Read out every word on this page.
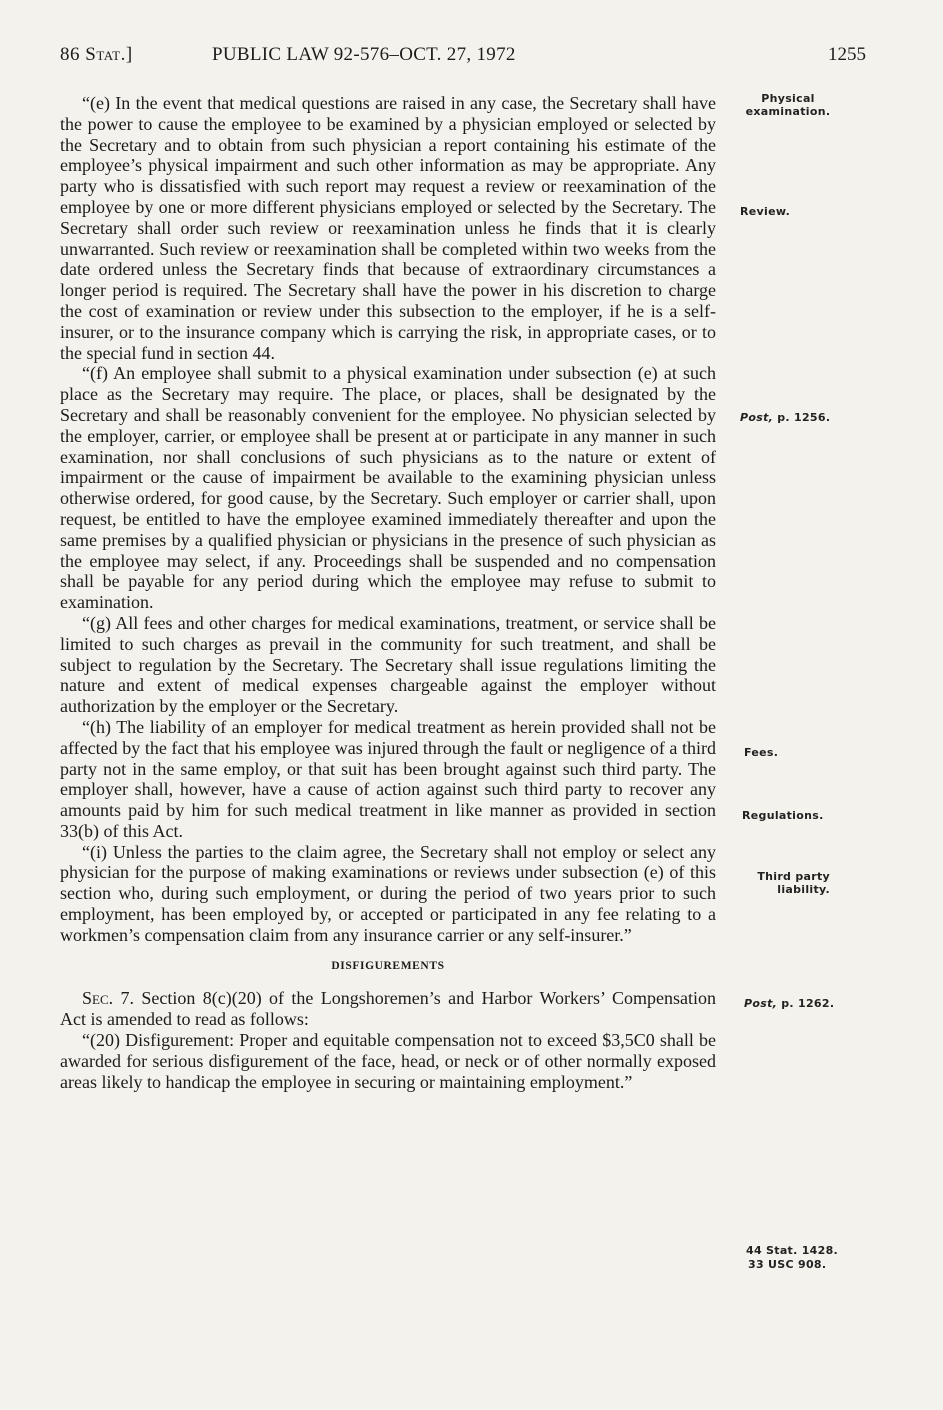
86 Stat.]	PUBLIC LAW 92-576–OCT. 27, 1972	1255

“(e) In the event that medical questions are raised in any case, the Secretary shall have the power to cause the employee to be examined by a physician employed or selected by the Secretary and to obtain from such physician a report containing his estimate of the employee’s physical impairment and such other information as may be appropriate. Any party who is dissatisfied with such report may request a review or reexamination of the employee by one or more different physicians employed or selected by the Secretary. The Secretary shall order such review or reexamination unless he finds that it is clearly unwarranted. Such review or reexamination shall be completed within two weeks from the date ordered unless the Secretary finds that because of extraordinary circumstances a longer period is required. The Secretary shall have the power in his discretion to charge the cost of examination or review under this subsection to the employer, if he is a self-insurer, or to the insurance company which is carrying the risk, in appropriate cases, or to the special fund in section 44.

“(f) An employee shall submit to a physical examination under subsection (e) at such place as the Secretary may require. The place, or places, shall be designated by the Secretary and shall be reasonably convenient for the employee. No physician selected by the employer, carrier, or employee shall be present at or participate in any manner in such examination, nor shall conclusions of such physicians as to the nature or extent of impairment or the cause of impairment be available to the examining physician unless otherwise ordered, for good cause, by the Secretary. Such employer or carrier shall, upon request, be entitled to have the employee examined immediately thereafter and upon the same premises by a qualified physician or physicians in the presence of such physician as the employee may select, if any. Proceedings shall be suspended and no compensation shall be payable for any period during which the employee may refuse to submit to examination.

“(g) All fees and other charges for medical examinations, treatment, or service shall be limited to such charges as prevail in the community for such treatment, and shall be subject to regulation by the Secretary. The Secretary shall issue regulations limiting the nature and extent of medical expenses chargeable against the employer without authorization by the employer or the Secretary.

“(h) The liability of an employer for medical treatment as herein provided shall not be affected by the fact that his employee was injured through the fault or negligence of a third party not in the same employ, or that suit has been brought against such third party. The employer shall, however, have a cause of action against such third party to recover any amounts paid by him for such medical treatment in like manner as provided in section 33(b) of this Act.

“(i) Unless the parties to the claim agree, the Secretary shall not employ or select any physician for the purpose of making examinations or reviews under subsection (e) of this section who, during such employment, or during the period of two years prior to such employment, has been employed by, or accepted or participated in any fee relating to a workmen’s compensation claim from any insurance carrier or any self-insurer.”

DISFIGUREMENTS

Sec. 7. Section 8(c)(20) of the Longshoremen’s and Harbor Workers’ Compensation Act is amended to read as follows:

“(20) Disfigurement: Proper and equitable compensation not to exceed $3,5C0 shall be awarded for serious disfigurement of the face, head, or neck or of other normally exposed areas likely to handicap the employee in securing or maintaining employment.”

Physical examination.
Review.
Post, p. 1256.
Fees.
Regulations.
Third party liability.
Post, p. 1262.
44 Stat. 1428.
33 USC 908.
